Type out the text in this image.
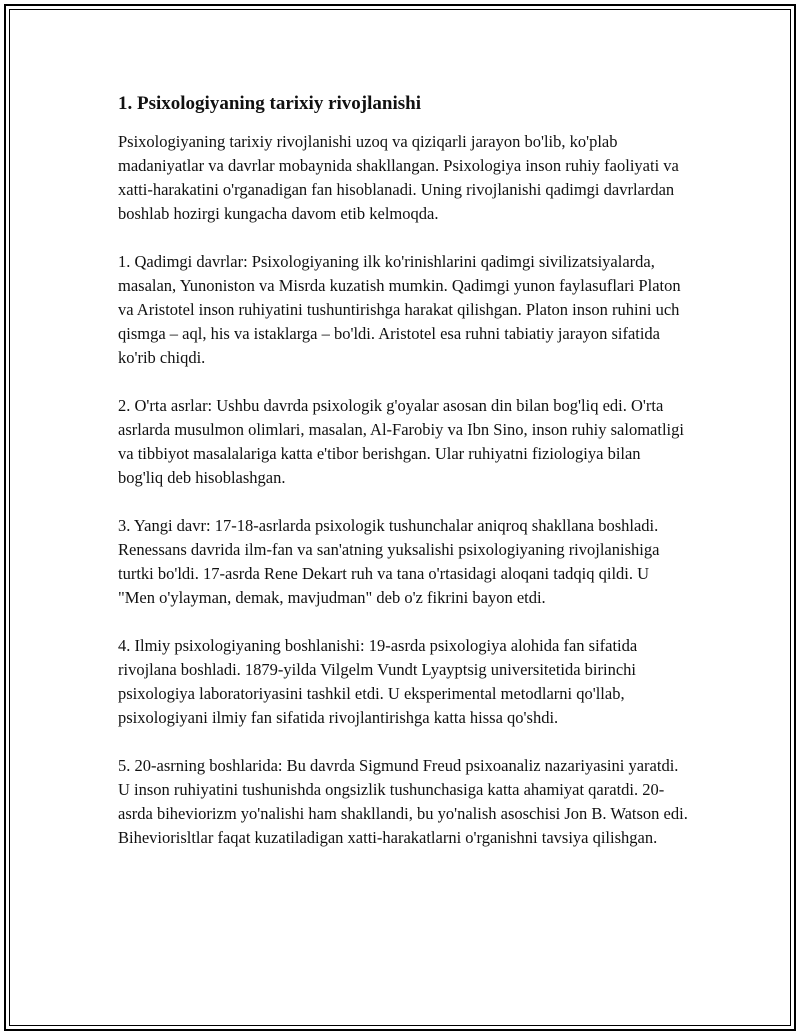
1. Psixologiyaning tarixiy rivojlanishi

Psixologiyaning tarixiy rivojlanishi uzoq va qiziqarli jarayon bo'lib, ko'plab madaniyatlar va davrlar mobaynida shakllangan. Psixologiya inson ruhiy faoliyati va xatti-harakatini o'rganadigan fan hisoblanadi. Uning rivojlanishi qadimgi davrlardan boshlab hozirgi kungacha davom etib kelmoqda.

1. Qadimgi davrlar: Psixologiyaning ilk ko'rinishlarini qadimgi sivilizatsiyalarda, masalan, Yunoniston va Misrda kuzatish mumkin. Qadimgi yunon faylasuflari Platon va Aristotel inson ruhiyatini tushuntirishga harakat qilishgan. Platon inson ruhini uch qismga – aql, his va istaklarga – bo'ldi. Aristotel esa ruhni tabiatiy jarayon sifatida ko'rib chiqdi.

2. O'rta asrlar: Ushbu davrda psixologik g'oyalar asosan din bilan bog'liq edi. O'rta asrlarda musulmon olimlari, masalan, Al-Farobiy va Ibn Sino, inson ruhiy salomatligi va tibbiyot masalalariga katta e'tibor berishgan. Ular ruhiyatni fiziologiya bilan bog'liq deb hisoblashgan.

3. Yangi davr: 17-18-asrlarda psixologik tushunchalar aniqroq shakllana boshladi. Renessans davrida ilm-fan va san'atning yuksalishi psixologiyaning rivojlanishiga turtki bo'ldi. 17-asrda Rene Dekart ruh va tana o'rtasidagi aloqani tadqiq qildi. U "Men o'ylayman, demak, mavjudman" deb o'z fikrini bayon etdi.

4. Ilmiy psixologiyaning boshlanishi: 19-asrda psixologiya alohida fan sifatida rivojlana boshladi. 1879-yilda Vilgelm Vundt Lyayptsig universitetida birinchi psixologiya laboratoriyasini tashkil etdi. U eksperimental metodlarni qo'llab, psixologiyani ilmiy fan sifatida rivojlantirishga katta hissa qo'shdi.

5. 20-asrning boshlarida: Bu davrda Sigmund Freud psixoanaliz nazariyasini yaratdi. U inson ruhiyatini tushunishda ongsizlik tushunchasiga katta ahamiyat qaratdi. 20-asrda biheviorizm yo'nalishi ham shakllandi, bu yo'nalish asoschisi Jon B. Watson edi. Biheviorisltlar faqat kuzatiladigan xatti-harakatlarni o'rganishni tavsiya qilishgan.
